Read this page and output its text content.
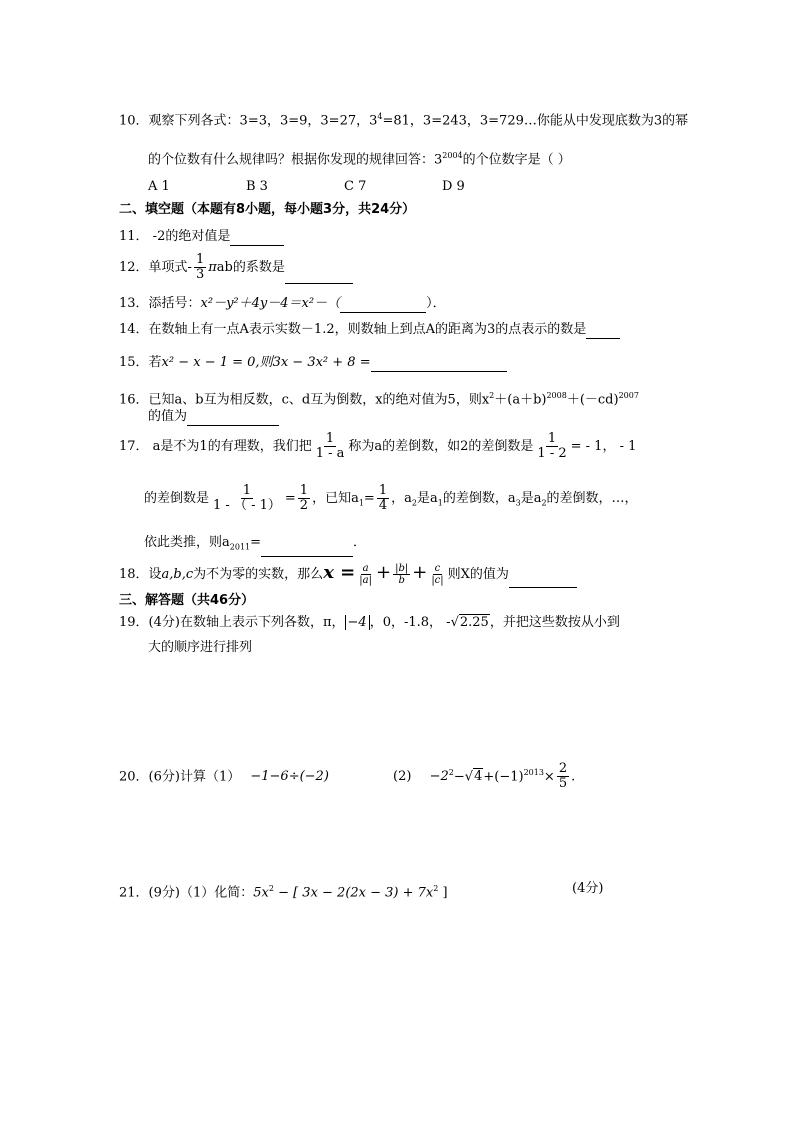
10．观察下列各式：3=3，3=9，3=27，$3^4=81$，3=243，3=729…你能从中发现底数为3的幂
的个位数有什么规律吗？根据你发现的规律回答：$3^{2004}$的个位数字是（ ）
A 1	B 3	C 7	D 9
二、填空题（本题有8小题，每小题3分，共24分）
11． -2的绝对值是
12．单项式- $\frac{1}{3}$ πab的系数是
13．添括号：x²－y²＋4y－4＝x²－（	）．
14．在数轴上有一点A表示实数－1.2，则数轴上到点A的距离为3的点表示的数是
15．若x² − x − 1 = 0,则3x − 3x² + 8 =
16．已知a、b互为相反数，c、d互为倒数，x的绝对值为5，则$x^2+(a+b)^{2008}+(-cd)^{2007}$
的值为
17． a是不为1的有理数，我们把 $\frac{1}{1 - a}$ 称为a的差倒数，如2的差倒数是 $\frac{1}{1 - 2}$ = - 1， - 1
的差倒数是 $\frac{1}{1 - ( - 1)} = \frac{1}{2}$ ，已知$a_1= \frac{1}{4}$ ，$a_2$是$a_1$的差倒数，$a_3$是$a_2$的差倒数，…，
依此类推，则$a_{2011}=$	．
18．设a,b,c为不为零的实数，那么$x = \frac{a}{|a|} + \frac{|b|}{b} + \frac{c}{|c|}$ 则X的值为
三、解答题（共46分）
19．(4分)在数轴上表示下列各数，π， −4 ，0，-1.8， -√2.25，并把这些数按从小到
大的顺序进行排列
20．(6分)计算（1） −1−6÷(−2)	$(2) -2^2-√4+(-1)^{2013}\times \frac{2}{5}$ .
21．(9分)（1）化简：$5x^2$ − [ $3x - 2(2x - 3) + 7x^2$ ]	(4分)
